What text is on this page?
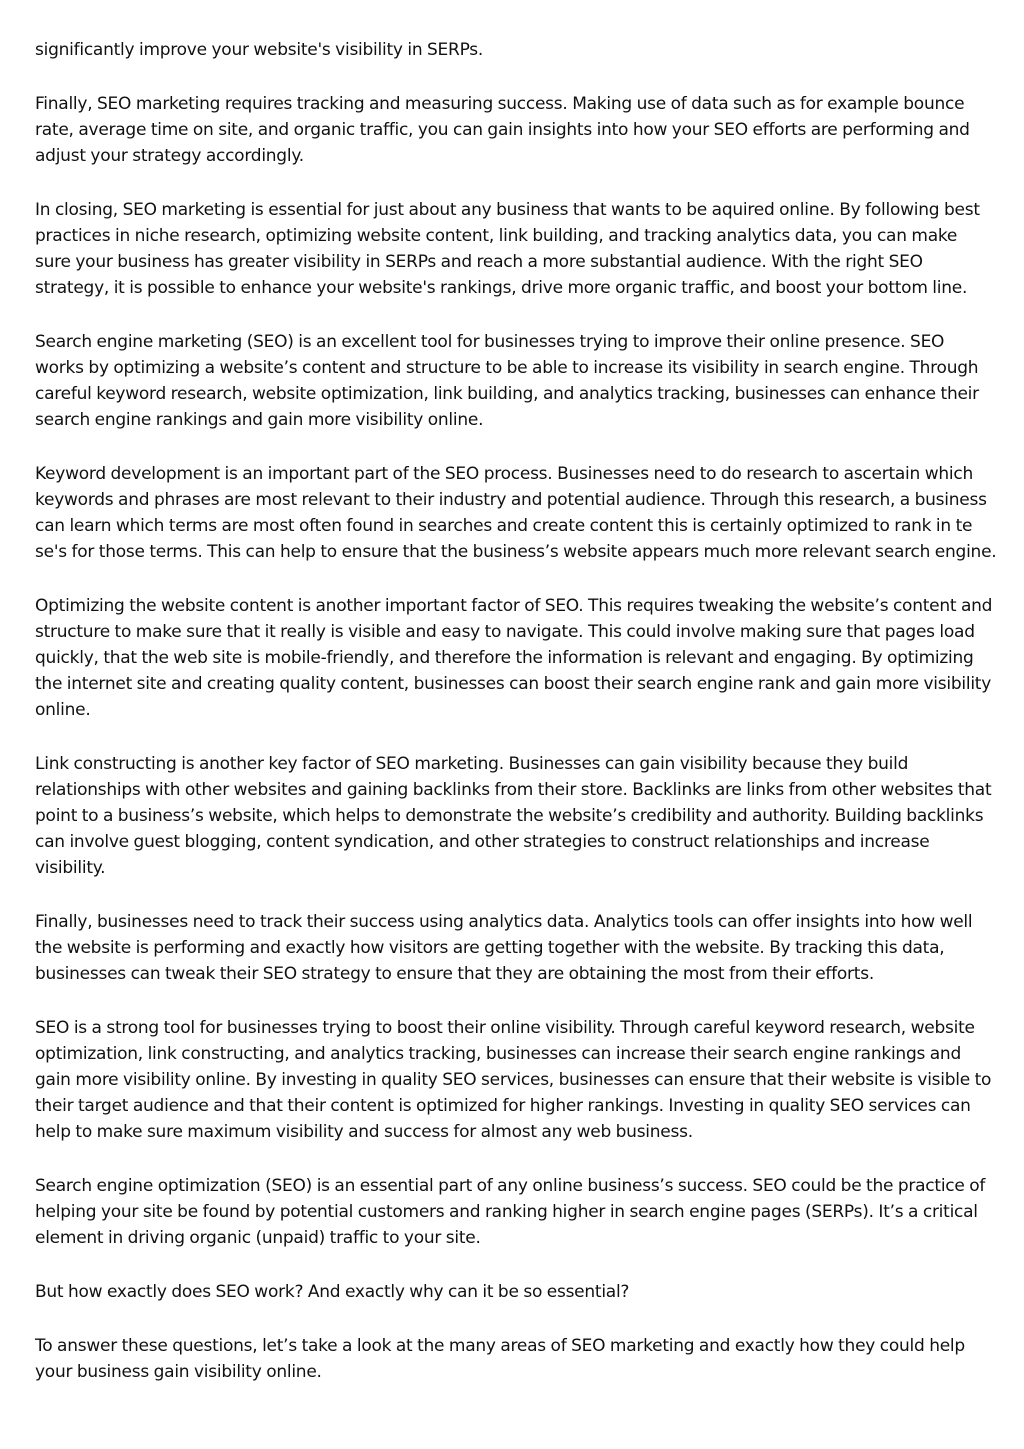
significantly improve your website's visibility in SERPs.

Finally, SEO marketing requires tracking and measuring success. Making use of data such as for example bounce rate, average time on site, and organic traffic, you can gain insights into how your SEO efforts are performing and adjust your strategy accordingly.

In closing, SEO marketing is essential for just about any business that wants to be aquired online. By following best practices in niche research, optimizing website content, link building, and tracking analytics data, you can make sure your business has greater visibility in SERPs and reach a more substantial audience. With the right SEO strategy, it is possible to enhance your website's rankings, drive more organic traffic, and boost your bottom line.

Search engine marketing (SEO) is an excellent tool for businesses trying to improve their online presence. SEO works by optimizing a website’s content and structure to be able to increase its visibility in search engine. Through careful keyword research, website optimization, link building, and analytics tracking, businesses can enhance their search engine rankings and gain more visibility online.

Keyword development is an important part of the SEO process. Businesses need to do research to ascertain which keywords and phrases are most relevant to their industry and potential audience. Through this research, a business can learn which terms are most often found in searches and create content this is certainly optimized to rank in te se's for those terms. This can help to ensure that the business’s website appears much more relevant search engine.

Optimizing the website content is another important factor of SEO. This requires tweaking the website’s content and structure to make sure that it really is visible and easy to navigate. This could involve making sure that pages load quickly, that the web site is mobile-friendly, and therefore the information is relevant and engaging. By optimizing the internet site and creating quality content, businesses can boost their search engine rank and gain more visibility online.

Link constructing is another key factor of SEO marketing. Businesses can gain visibility because they build relationships with other websites and gaining backlinks from their store. Backlinks are links from other websites that point to a business’s website, which helps to demonstrate the website’s credibility and authority. Building backlinks can involve guest blogging, content syndication, and other strategies to construct relationships and increase visibility.

Finally, businesses need to track their success using analytics data. Analytics tools can offer insights into how well the website is performing and exactly how visitors are getting together with the website. By tracking this data, businesses can tweak their SEO strategy to ensure that they are obtaining the most from their efforts.

SEO is a strong tool for businesses trying to boost their online visibility. Through careful keyword research, website optimization, link constructing, and analytics tracking, businesses can increase their search engine rankings and gain more visibility online. By investing in quality SEO services, businesses can ensure that their website is visible to their target audience and that their content is optimized for higher rankings. Investing in quality SEO services can help to make sure maximum visibility and success for almost any web business.

Search engine optimization (SEO) is an essential part of any online business’s success. SEO could be the practice of helping your site be found by potential customers and ranking higher in search engine pages (SERPs). It’s a critical element in driving organic (unpaid) traffic to your site.

But how exactly does SEO work? And exactly why can it be so essential?

To answer these questions, let’s take a look at the many areas of SEO marketing and exactly how they could help your business gain visibility online.
